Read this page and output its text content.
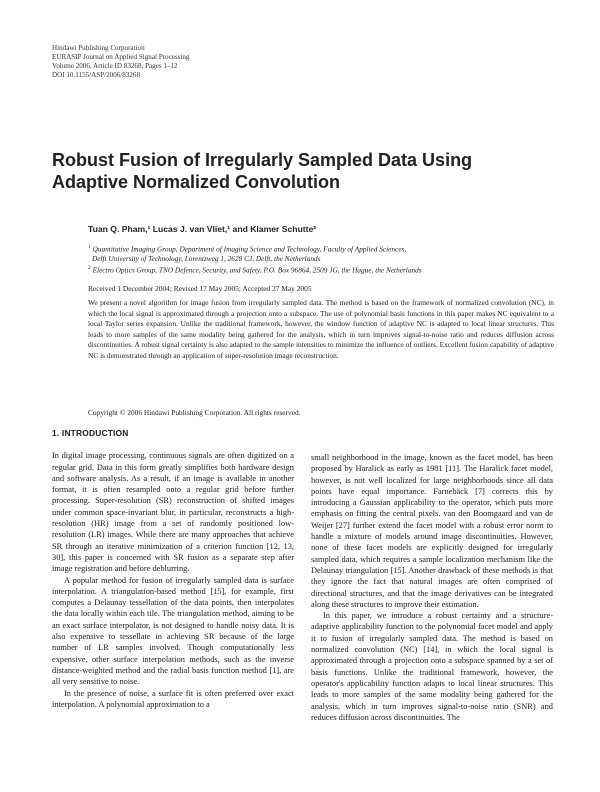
Hindawi Publishing Corporation
EURASIP Journal on Applied Signal Processing
Volume 2006, Article ID 83268, Pages 1–12
DOI 10.1155/ASP/2006/83268
Robust Fusion of Irregularly Sampled Data Using
Adaptive Normalized Convolution
Tuan Q. Pham,¹ Lucas J. van Vliet,¹ and Klamer Schutte²
$^1$ Quantitative Imaging Group, Department of Imaging Science and Technology, Faculty of Applied Sciences,
Delft University of Technology, Lorentzweg 1, 2628 CJ, Delft, the Netherlands
$^2$ Electro Optics Group, TNO Defence, Security, and Safety, P.O. Box 96864, 2509 JG, the Hague, the Netherlands
Received 1 December 2004; Revised 17 May 2005; Accepted 27 May 2005

We present a novel algorithm for image fusion from irregularly sampled data. The method is based on the framework of normalized convolution (NC), in which the local signal is approximated through a projection onto a subspace. The use of polynomial basis functions in this paper makes NC equivalent to a local Taylor series expansion. Unlike the traditional framework, however, the window function of adaptive NC is adapted to local linear structures. This leads to more samples of the same modality being gathered for the analysis, which in turn improves signal-to-noise ratio and reduces diffusion across discontinuities. A robust signal certainty is also adapted to the sample intensities to minimize the influence of outliers. Excellent fusion capability of adaptive NC is demonstrated through an application of super-resolution image reconstruction.

Copyright © 2006 Hindawi Publishing Corporation. All rights reserved.
1. INTRODUCTION

In digital image processing, continuous signals are often digitized on a regular grid. Data in this form greatly simplifies both hardware design and software analysis. As a result, if an image is available in another format, it is often resampled onto a regular grid before further processing. Super-resolution (SR) reconstruction of shifted images under common space-invariant blur, in particular, reconstructs a high-resolution (HR) image from a set of randomly positioned low-resolution (LR) images. While there are many approaches that achieve SR through an iterative minimization of a criterion function [12, 13, 30], this paper is concerned with SR fusion as a separate step after image registration and before deblurring.

A popular method for fusion of irregularly sampled data is surface interpolation. A triangulation-based method [15], for example, first computes a Delaunay tessellation of the data points, then interpolates the data locally within each tile. The triangulation method, aiming to be an exact surface interpolator, is not designed to handle noisy data. It is also expensive to tessellate in achieving SR because of the large number of LR samples involved. Though computationally less expensive, other surface interpolation methods, such as the inverse distance-weighted method and the radial basis function method [1], are all very sensitive to noise.

In the presence of noise, a surface fit is often preferred over exact interpolation. A polynomial approximation to a

small neighborhood in the image, known as the facet model, has been proposed by Haralick as early as 1981 [11]. The Haralick facet model, however, is not well localized for large neighborhoods since all data points have equal importance. Farnebäck [7] corrects this by introducing a Gaussian applicability to the operator, which puts more emphasis on fitting the central pixels. van den Boomgaard and van de Weijer [27] further extend the facet model with a robust error norm to handle a mixture of models around image discontinuities. However, none of these facet models are explicitly designed for irregularly sampled data, which requires a sample localization mechanism like the Delaunay triangulation [15]. Another drawback of these methods is that they ignore the fact that natural images are often comprised of directional structures, and that the image derivatives can be integrated along these structures to improve their estimation.

In this paper, we introduce a robust certainty and a structure-adaptive applicability function to the polynomial facet model and apply it to fusion of irregularly sampled data. The method is based on normalized convolution (NC) [14], in which the local signal is approximated through a projection onto a subspace spanned by a set of basis functions. Unlike the traditional framework, however, the operator's applicability function adapts to local linear structures. This leads to more samples of the same modality being gathered for the analysis, which in turn improves signal-to-noise ratio (SNR) and reduces diffusion across discontinuities. The
